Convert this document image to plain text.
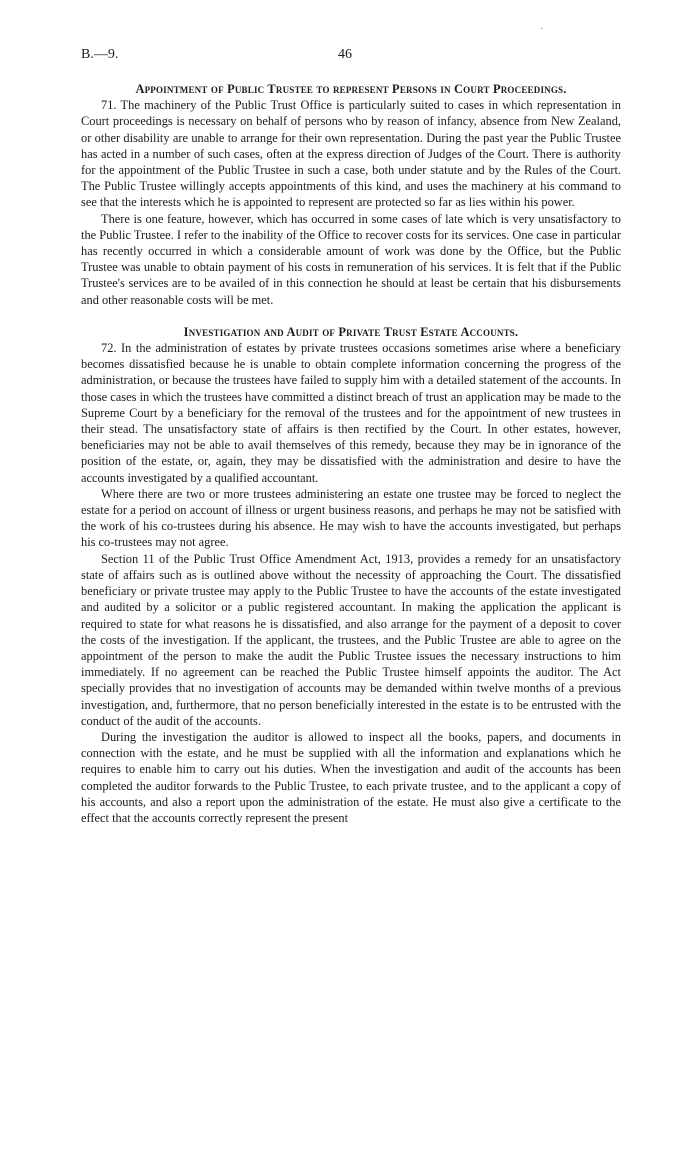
·
B.—9.	46
Appointment of Public Trustee to represent Persons in Court Proceedings.

71. The machinery of the Public Trust Office is particularly suited to cases in which representation in Court proceedings is necessary on behalf of persons who by reason of infancy, absence from New Zealand, or other disability are unable to arrange for their own representation. During the past year the Public Trustee has acted in a number of such cases, often at the express direction of Judges of the Court. There is authority for the appointment of the Public Trustee in such a case, both under statute and by the Rules of the Court. The Public Trustee willingly accepts appointments of this kind, and uses the machinery at his command to see that the interests which he is appointed to represent are protected so far as lies within his power.

There is one feature, however, which has occurred in some cases of late which is very unsatisfactory to the Public Trustee. I refer to the inability of the Office to recover costs for its services. One case in particular has recently occurred in which a considerable amount of work was done by the Office, but the Public Trustee was unable to obtain payment of his costs in remuneration of his services. It is felt that if the Public Trustee's services are to be availed of in this connection he should at least be certain that his disbursements and other reasonable costs will be met.

Investigation and Audit of Private Trust Estate Accounts.

72. In the administration of estates by private trustees occasions sometimes arise where a beneficiary becomes dissatisfied because he is unable to obtain complete information concerning the progress of the administration, or because the trustees have failed to supply him with a detailed statement of the accounts. In those cases in which the trustees have committed a distinct breach of trust an application may be made to the Supreme Court by a beneficiary for the removal of the trustees and for the appointment of new trustees in their stead. The unsatisfactory state of affairs is then rectified by the Court. In other estates, however, beneficiaries may not be able to avail themselves of this remedy, because they may be in ignorance of the position of the estate, or, again, they may be dissatisfied with the administration and desire to have the accounts investigated by a qualified accountant.

Where there are two or more trustees administering an estate one trustee may be forced to neglect the estate for a period on account of illness or urgent business reasons, and perhaps he may not be satisfied with the work of his co-trustees during his absence. He may wish to have the accounts investigated, but perhaps his co-trustees may not agree.

Section 11 of the Public Trust Office Amendment Act, 1913, provides a remedy for an unsatisfactory state of affairs such as is outlined above without the necessity of approaching the Court. The dissatisfied beneficiary or private trustee may apply to the Public Trustee to have the accounts of the estate investigated and audited by a solicitor or a public registered accountant. In making the application the applicant is required to state for what reasons he is dissatisfied, and also arrange for the payment of a deposit to cover the costs of the investigation. If the applicant, the trustees, and the Public Trustee are able to agree on the appointment of the person to make the audit the Public Trustee issues the necessary instructions to him immediately. If no agreement can be reached the Public Trustee himself appoints the auditor. The Act specially provides that no investigation of accounts may be demanded within twelve months of a previous investigation, and, furthermore, that no person beneficially interested in the estate is to be entrusted with the conduct of the audit of the accounts.

During the investigation the auditor is allowed to inspect all the books, papers, and documents in connection with the estate, and he must be supplied with all the information and explanations which he requires to enable him to carry out his duties. When the investigation and audit of the accounts has been completed the auditor forwards to the Public Trustee, to each private trustee, and to the applicant a copy of his accounts, and also a report upon the administration of the estate. He must also give a certificate to the effect that the accounts correctly represent the present
